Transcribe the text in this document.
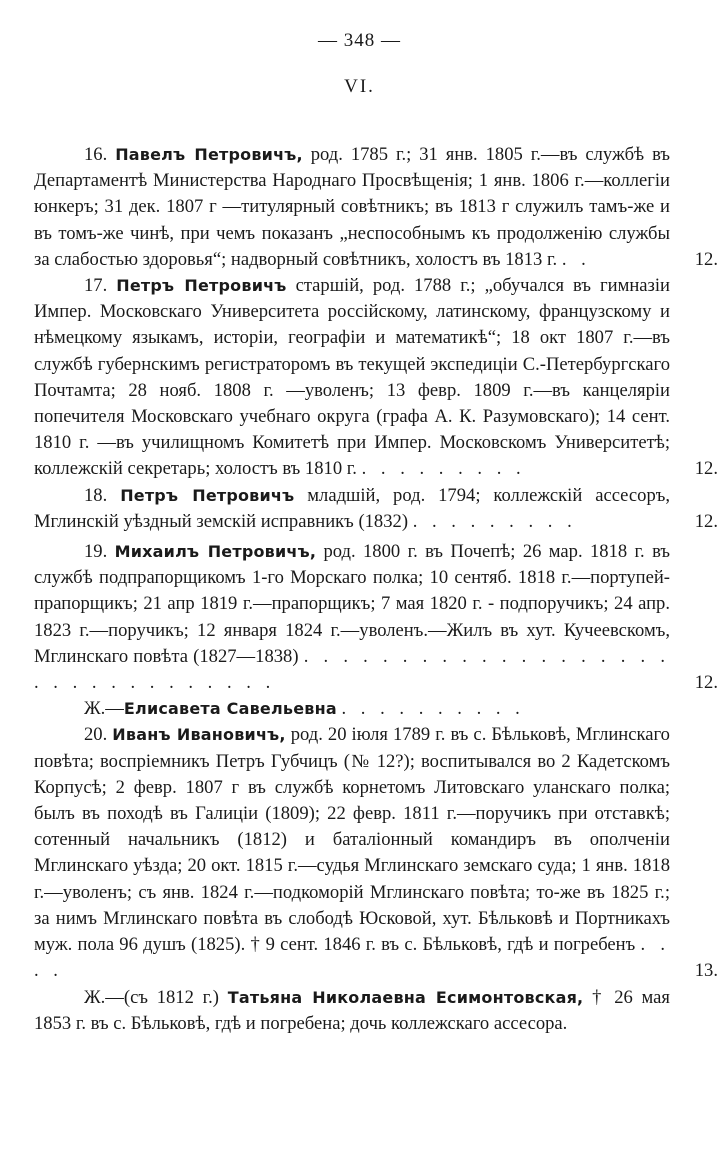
— 348 —
VI.

16. Павелъ Петровичъ, род. 1785 г.; 31 янв. 1805 г.—въ службѣ въ Департаментѣ Министерства Народнаго Просвѣщенія; 1 янв. 1806 г.—коллегіи юнкеръ; 31 дек. 1807 г —титулярный совѣтникъ; въ 1813 г служилъ тамъ-же и въ томъ-же чинѣ, при чемъ показанъ „неспособнымъ къ продолженію службы за слабостью здоровья“; надворный совѣтникъ, холостъ въ 1813 г. . .	12.

17. Петръ Петровичъ старшій, род. 1788 г.; „обучался въ гимназіи Импер. Московскаго Университета россійскому, латинскому, французскому и нѣмецкому языкамъ, исторіи, географіи и математикѣ“; 18 окт 1807 г.—въ службѣ губернскимъ регистраторомъ въ текущей экспедиціи С.-Петербургскаго Почтамта; 28 нояб. 1808 г. —уволенъ; 13 февр. 1809 г.—въ канцеляріи попечителя Московскаго учебнаго округа (графа А. К. Разумовскаго); 14 сент. 1810 г. —въ училищномъ Комитетѣ при Импер. Московскомъ Университетѣ; коллежскій секретарь; холостъ въ 1810 г. . . . . . . . . .	12.

18. Петръ Петровичъ младшій, род. 1794; коллежскій ассесоръ, Мглинскій уѣздный земскій исправникъ (1832) . . . . . . . . .	12.

19. Михаилъ Петровичъ, род. 1800 г. въ Почепѣ; 26 мар. 1818 г. въ службѣ подпрапорщикомъ 1-го Морскаго полка; 10 сентяб. 1818 г.—портупей-прапорщикъ; 21 апр 1819 г.—прапорщикъ; 7 мая 1820 г. - подпоручикъ; 24 апр. 1823 г.—поручикъ; 12 января 1824 г.—уволенъ.—Жилъ въ хут. Кучеевскомъ, Мглинскаго повѣта (1827—1838) . . . . . . . . . . . . . . . . . . . . . . . . . . . . . . . .	12.

Ж.—Елисавета Савельевна . . . . . . . . . .

20. Иванъ Ивановичъ, род. 20 іюля 1789 г. въ с. Бѣльковѣ, Мглинскаго повѣта; воспріемникъ Петръ Губчицъ (№ 12?); воспитывался во 2 Кадетскомъ Корпусѣ; 2 февр. 1807 г въ службѣ корнетомъ Литовскаго уланскаго полка; былъ въ походѣ въ Галиціи (1809); 22 февр. 1811 г.—поручикъ при отставкѣ; сотенный начальникъ (1812) и баталіонный командиръ въ ополченіи Мглинскаго уѣзда; 20 окт. 1815 г.—судья Мглинскаго земскаго суда; 1 янв. 1818 г.—уволенъ; съ янв. 1824 г.—подкоморій Мглинскаго повѣта; то-же въ 1825 г.; за нимъ Мглинскаго повѣта въ слободѣ Юсковой, хут. Бѣльковѣ и Портникахъ муж. пола 96 душъ (1825). † 9 сент. 1846 г. въ с. Бѣльковѣ, гдѣ и погребенъ . . . .	13.

Ж.—(съ 1812 г.) Татьяна Николаевна Есимонтовская, † 26 мая 1853 г. въ с. Бѣльковѣ, гдѣ и погребена; дочь коллежскаго ассесора.
